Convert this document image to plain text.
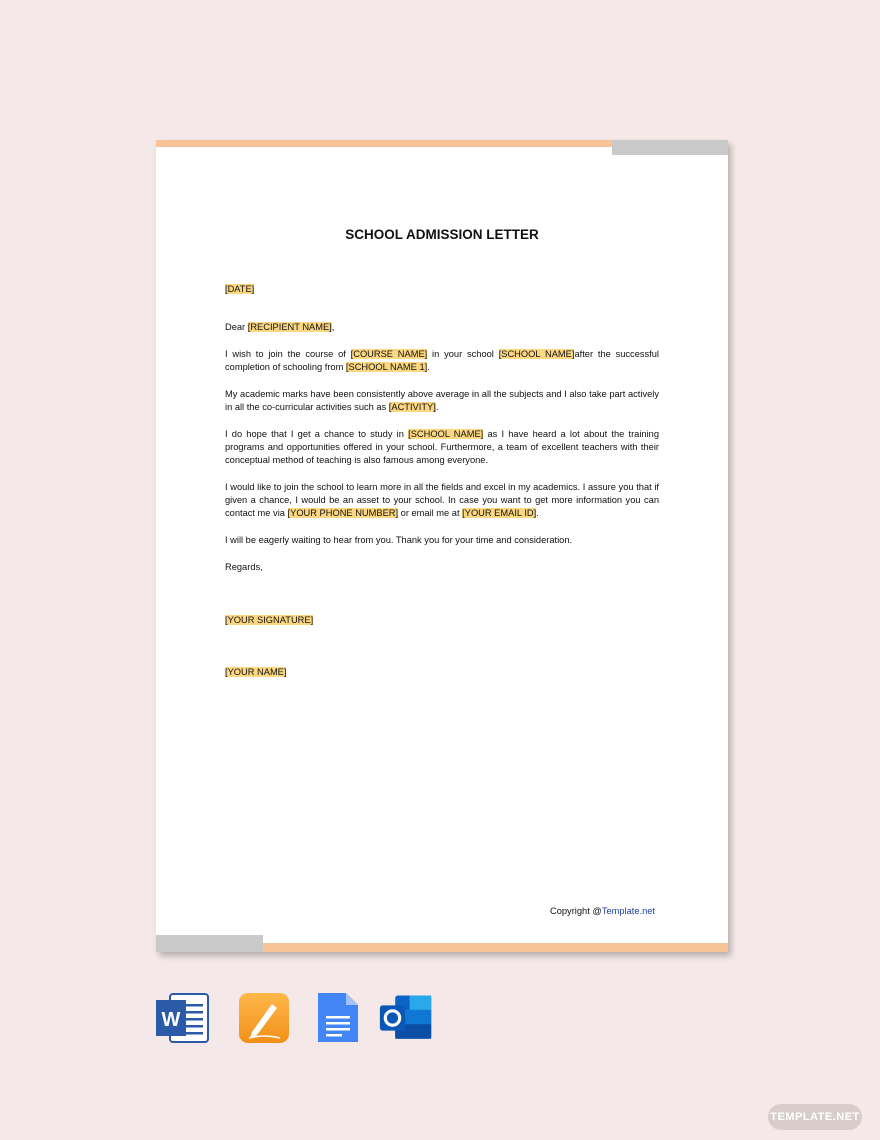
SCHOOL ADMISSION LETTER
[DATE]
Dear [RECIPIENT NAME],
I wish to join the course of [COURSE NAME] in your school [SCHOOL NAME]after the successful completion of schooling from [SCHOOL NAME 1].
My academic marks have been consistently above average in all the subjects and I also take part actively in all the co-curricular activities such as [ACTIVITY].
I do hope that I get a chance to study in [SCHOOL NAME] as I have heard a lot about the training programs and opportunities offered in your school. Furthermore, a team of excellent teachers with their conceptual method of teaching is also famous among everyone.
I would like to join the school to learn more in all the fields and excel in my academics. I assure you that if given a chance, I would be an asset to your school. In case you want to get more information you can contact me via [YOUR PHONE NUMBER] or email me at [YOUR EMAIL ID].
I will be eagerly waiting to hear from you. Thank you for your time and consideration.
Regards,
[YOUR SIGNATURE]
[YOUR NAME]
Copyright @Template.net
W
TEMPLATE.NET
